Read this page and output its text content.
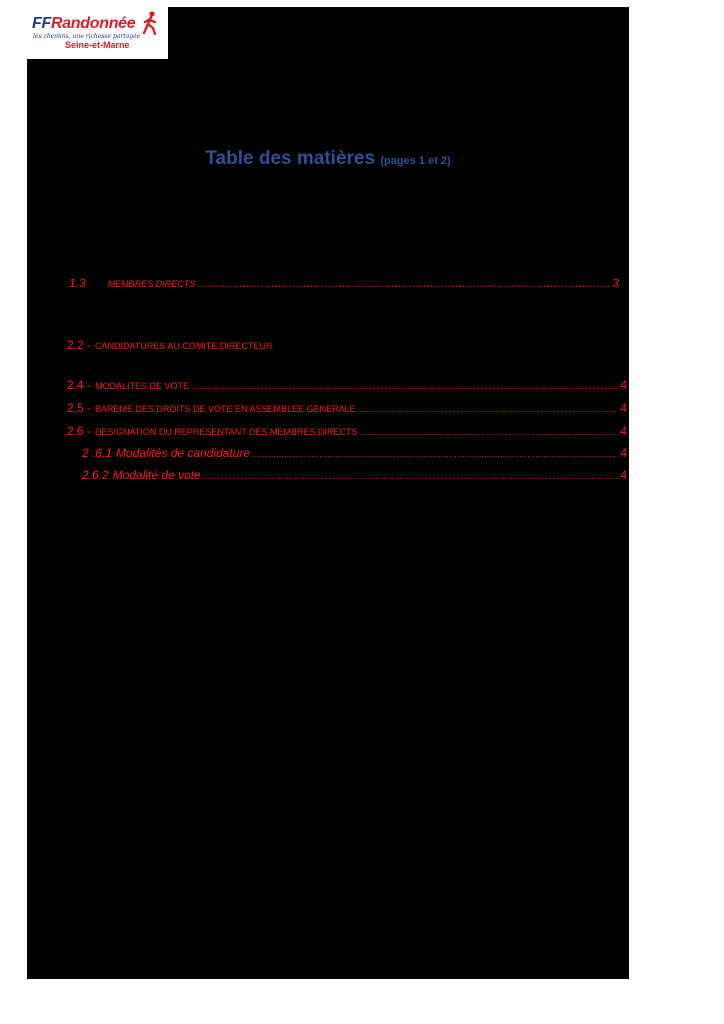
FFRandonnée
les chemins, une richesse partagée
Seine-et-Marne
Table des matières (pages 1 et 2)
1.3 MEMBRES DIRECTS .....	3
2.2 - CANDIDATURES AU COMITE DIRECTEUR
2.4 - MODALITES DE VOTE .....	4
2.5 - BAREME DES DROITS DE VOTE EN ASSEMBLEE GENERALE .....	4
2.6 - DESIGNATION DU REPRESENTANT DES MEMBRES DIRECTS .....	4
2 .6.1 Modalités de candidature .....	4
2.6.2 Modalité de vote .....	4
